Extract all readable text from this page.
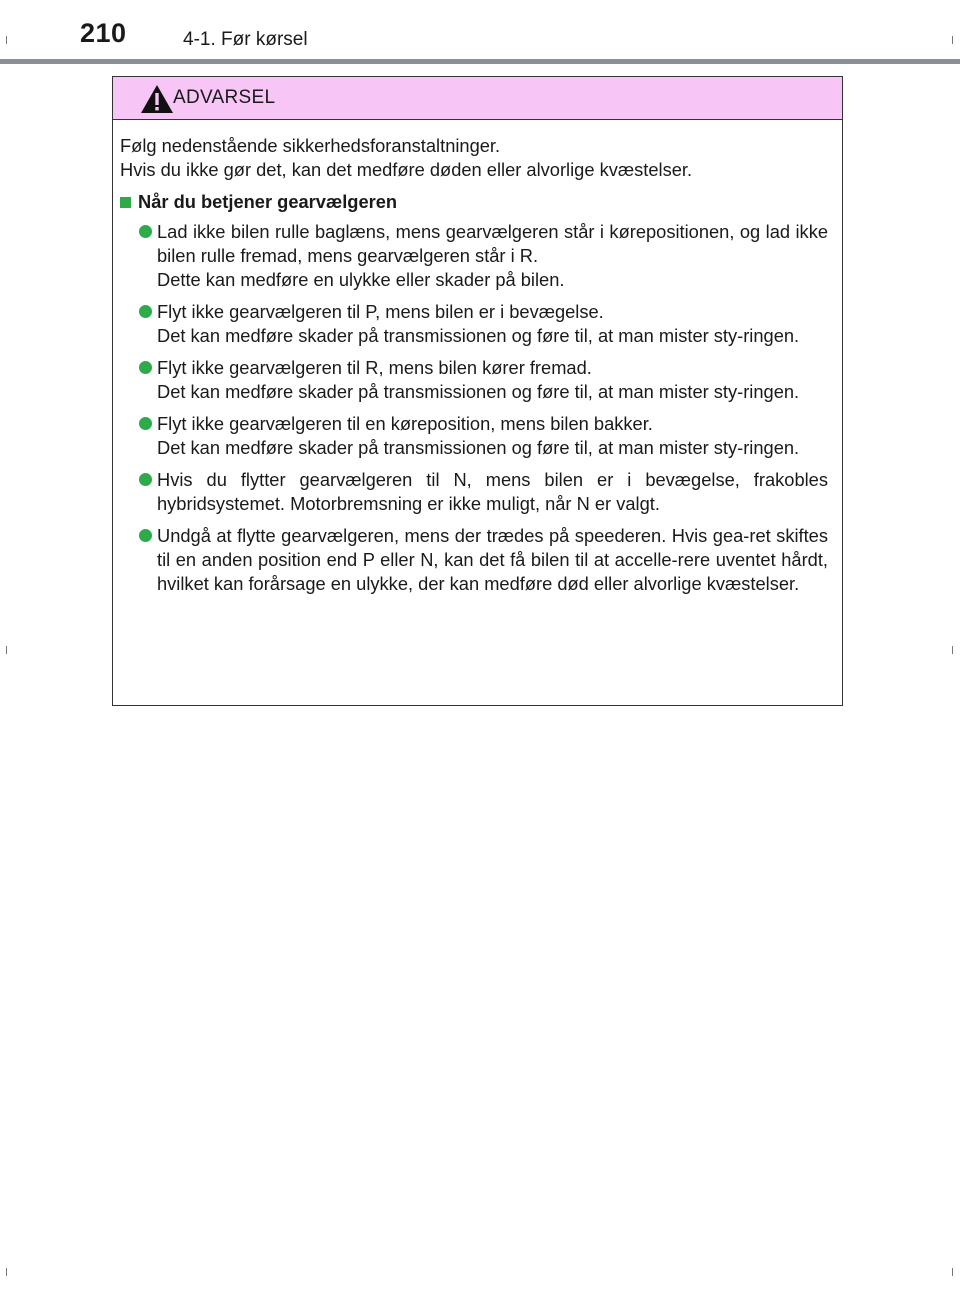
210	4-1. Før kørsel
ADVARSEL

Følg nedenstående sikkerhedsforanstaltninger.

Hvis du ikke gør det, kan det medføre døden eller alvorlige kvæstelser.

Når du betjener gearvælgeren

Lad ikke bilen rulle baglæns, mens gearvælgeren står i kørepositionen, og lad ikke bilen rulle fremad, mens gearvælgeren står i R.

Dette kan medføre en ulykke eller skader på bilen.

Flyt ikke gearvælgeren til P, mens bilen er i bevægelse.

Det kan medføre skader på transmissionen og føre til, at man mister sty-ringen.

Flyt ikke gearvælgeren til R, mens bilen kører fremad.

Det kan medføre skader på transmissionen og føre til, at man mister sty-ringen.

Flyt ikke gearvælgeren til en køreposition, mens bilen bakker.

Det kan medføre skader på transmissionen og føre til, at man mister sty-ringen.

Hvis du flytter gearvælgeren til N, mens bilen er i bevægelse, frakobles hybridsystemet. Motorbremsning er ikke muligt, når N er valgt.

Undgå at flytte gearvælgeren, mens der trædes på speederen. Hvis gea-ret skiftes til en anden position end P eller N, kan det få bilen til at accelle-rere uventet hårdt, hvilket kan forårsage en ulykke, der kan medføre død eller alvorlige kvæstelser.
